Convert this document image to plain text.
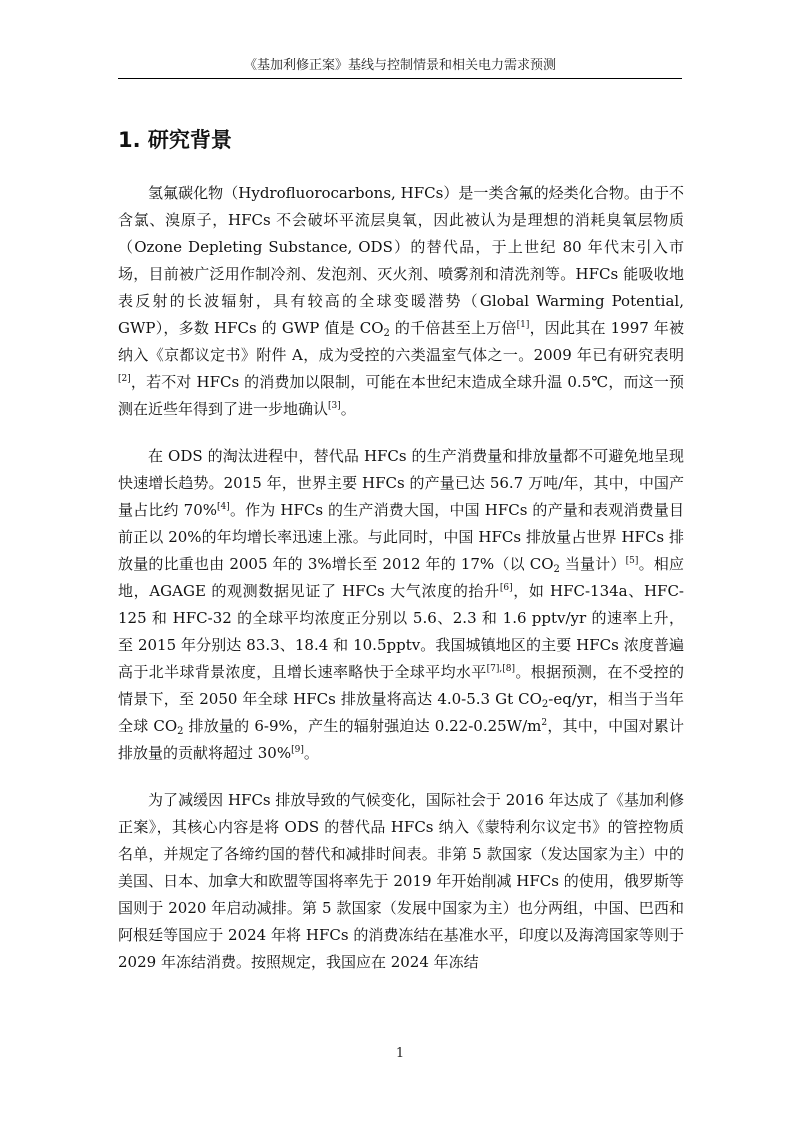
《基加利修正案》基线与控制情景和相关电力需求预测
1. 研究背景

氢氟碳化物（Hydrofluorocarbons, HFCs）是一类含氟的烃类化合物。由于不含氯、溴原子，HFCs 不会破坏平流层臭氧，因此被认为是理想的消耗臭氧层物质（Ozone Depleting Substance, ODS）的替代品，于上世纪 80 年代末引入市场，目前被广泛用作制冷剂、发泡剂、灭火剂、喷雾剂和清洗剂等。HFCs 能吸收地表反射的长波辐射，具有较高的全球变暖潜势（Global Warming Potential, GWP），多数 HFCs 的 GWP 值是 $CO_2$ 的千倍甚至上万倍[1]，因此其在 1997 年被纳入《京都议定书》附件 A，成为受控的六类温室气体之一。2009 年已有研究表明[2]，若不对 HFCs 的消费加以限制，可能在本世纪末造成全球升温 0.5℃，而这一预测在近些年得到了进一步地确认[3]。

在 ODS 的淘汰进程中，替代品 HFCs 的生产消费量和排放量都不可避免地呈现快速增长趋势。2015 年，世界主要 HFCs 的产量已达 56.7 万吨/年，其中，中国产量占比约 70%[4]。作为 HFCs 的生产消费大国，中国 HFCs 的产量和表观消费量目前正以 20%的年均增长率迅速上涨。与此同时，中国 HFCs 排放量占世界 HFCs 排放量的比重也由 2005 年的 3%增长至 2012 年的 17%（以 $CO_2$ 当量计）[5]。相应地，AGAGE 的观测数据见证了 HFCs 大气浓度的抬升[6]，如 HFC-134a、HFC-125 和 HFC-32 的全球平均浓度正分别以 5.6、2.3 和 1.6 pptv/yr 的速率上升，至 2015 年分别达 83.3、18.4 和 10.5pptv。我国城镇地区的主要 HFCs 浓度普遍高于北半球背景浓度，且增长速率略快于全球平均水平[7],[8]。根据预测，在不受控的情景下，至 2050 年全球 HFCs 排放量将高达 4.0-5.3 Gt $CO_2-eq/yr$，相当于当年全球 $CO_2$ 排放量的 6-9%，产生的辐射强迫达 $0.22-0.25W/m^2$，其中，中国对累计排放量的贡献将超过 30%[9]。

为了减缓因 HFCs 排放导致的气候变化，国际社会于 2016 年达成了《基加利修正案》，其核心内容是将 ODS 的替代品 HFCs 纳入《蒙特利尔议定书》的管控物质名单，并规定了各缔约国的替代和减排时间表。非第 5 款国家（发达国家为主）中的美国、日本、加拿大和欧盟等国将率先于 2019 年开始削减 HFCs 的使用，俄罗斯等国则于 2020 年启动减排。第 5 款国家（发展中国家为主）也分两组，中国、巴西和阿根廷等国应于 2024 年将 HFCs 的消费冻结在基准水平，印度以及海湾国家等则于 2029 年冻结消费。按照规定，我国应在 2024 年冻结

1
